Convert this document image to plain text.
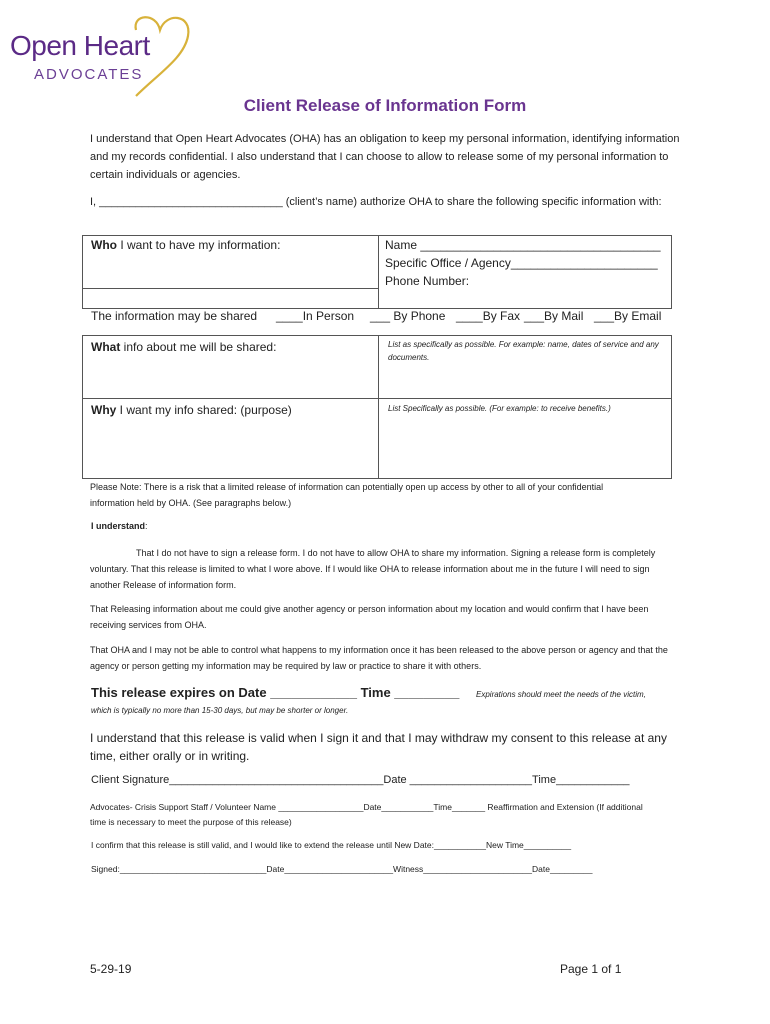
Open Heart
ADVOCATES
Client Release of Information Form
I understand that Open Heart Advocates (OHA) has an obligation to keep my personal information, identifying information and my records confidential. I also understand that I can choose to allow to release some of my personal information to certain individuals or agencies.
I, ______________________________ (client’s name) authorize OHA to share the following specific information with:
Who I want to have my information:	Name ____________________________________
Specific Office / Agency______________________
Phone Number:
The information may be shared ____In Person ___ By Phone ____By Fax ___By Mail ___By Email
What info about me will be shared:	List as specifically as possible. For example: name, dates of service and any documents.
Why I want my info shared: (purpose)	List Specifically as possible. (For example: to receive benefits.)
Please Note: There is a risk that a limited release of information can potentially open up access by other to all of your confidential information held by OHA. (See paragraphs below.)
I understand:
That I do not have to sign a release form. I do not have to allow OHA to share my information. Signing a release form is completely voluntary. That this release is limited to what I wore above. If I would like OHA to release information about me in the future I will need to sign another Release of information form.
That Releasing information about me could give another agency or person information about my location and would confirm that I have been receiving services from OHA.
That OHA and I may not be able to control what happens to my information once it has been released to the above person or agency and that the agency or person getting my information may be required by law or practice to share it with others.
This release expires on Date ____________ Time _________ Expirations should meet the needs of the victim,
which is typically no more than 15-30 days, but may be shorter or longer.
I understand that this release is valid when I sign it and that I may withdraw my consent to this release at any time, either orally or in writing.
Client Signature___________________________________Date ____________________Time____________
Advocates- Crisis Support Staff / Volunteer Name __________________Date___________Time_______ Reaffirmation and Extension (If additional time is necessary to meet the purpose of this release)
I confirm that this release is still valid, and I would like to extend the release until New Date:___________New Time__________
Signed:_______________________________Date_______________________Witness_______________________Date_________
5-29-19	Page 1 of 1
